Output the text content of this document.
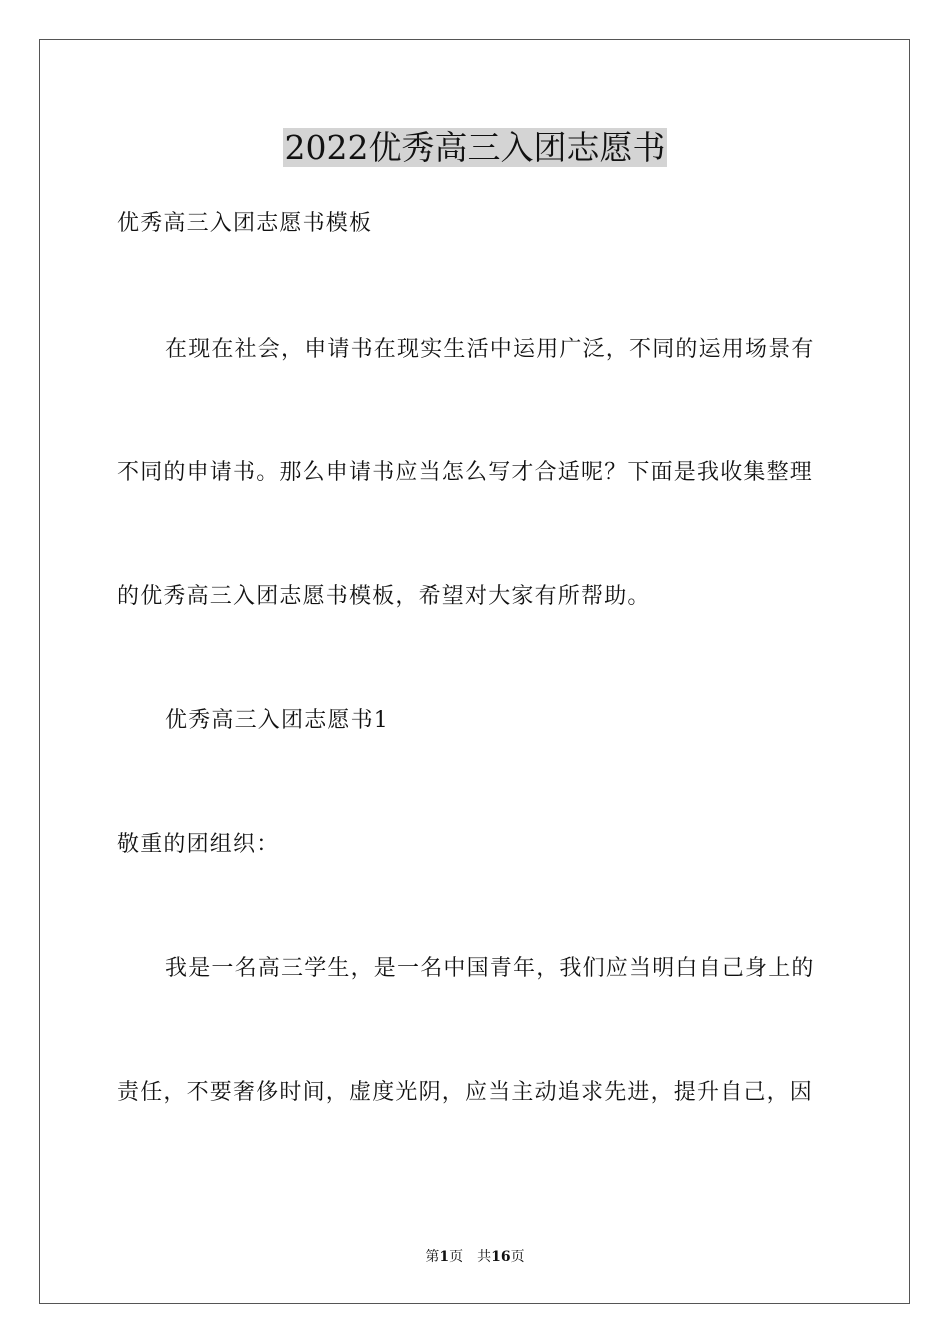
2022优秀高三入团志愿书

优秀高三入团志愿书模板

在现在社会，申请书在现实生活中运用广泛，不同的运用场景有

不同的申请书。那么申请书应当怎么写才合适呢？下面是我收集整理

的优秀高三入团志愿书模板，希望对大家有所帮助。

优秀高三入团志愿书1

敬重的团组织：

我是一名高三学生，是一名中国青年，我们应当明白自己身上的

责任，不要奢侈时间，虚度光阴，应当主动追求先进，提升自己，因

第1页　共16页
